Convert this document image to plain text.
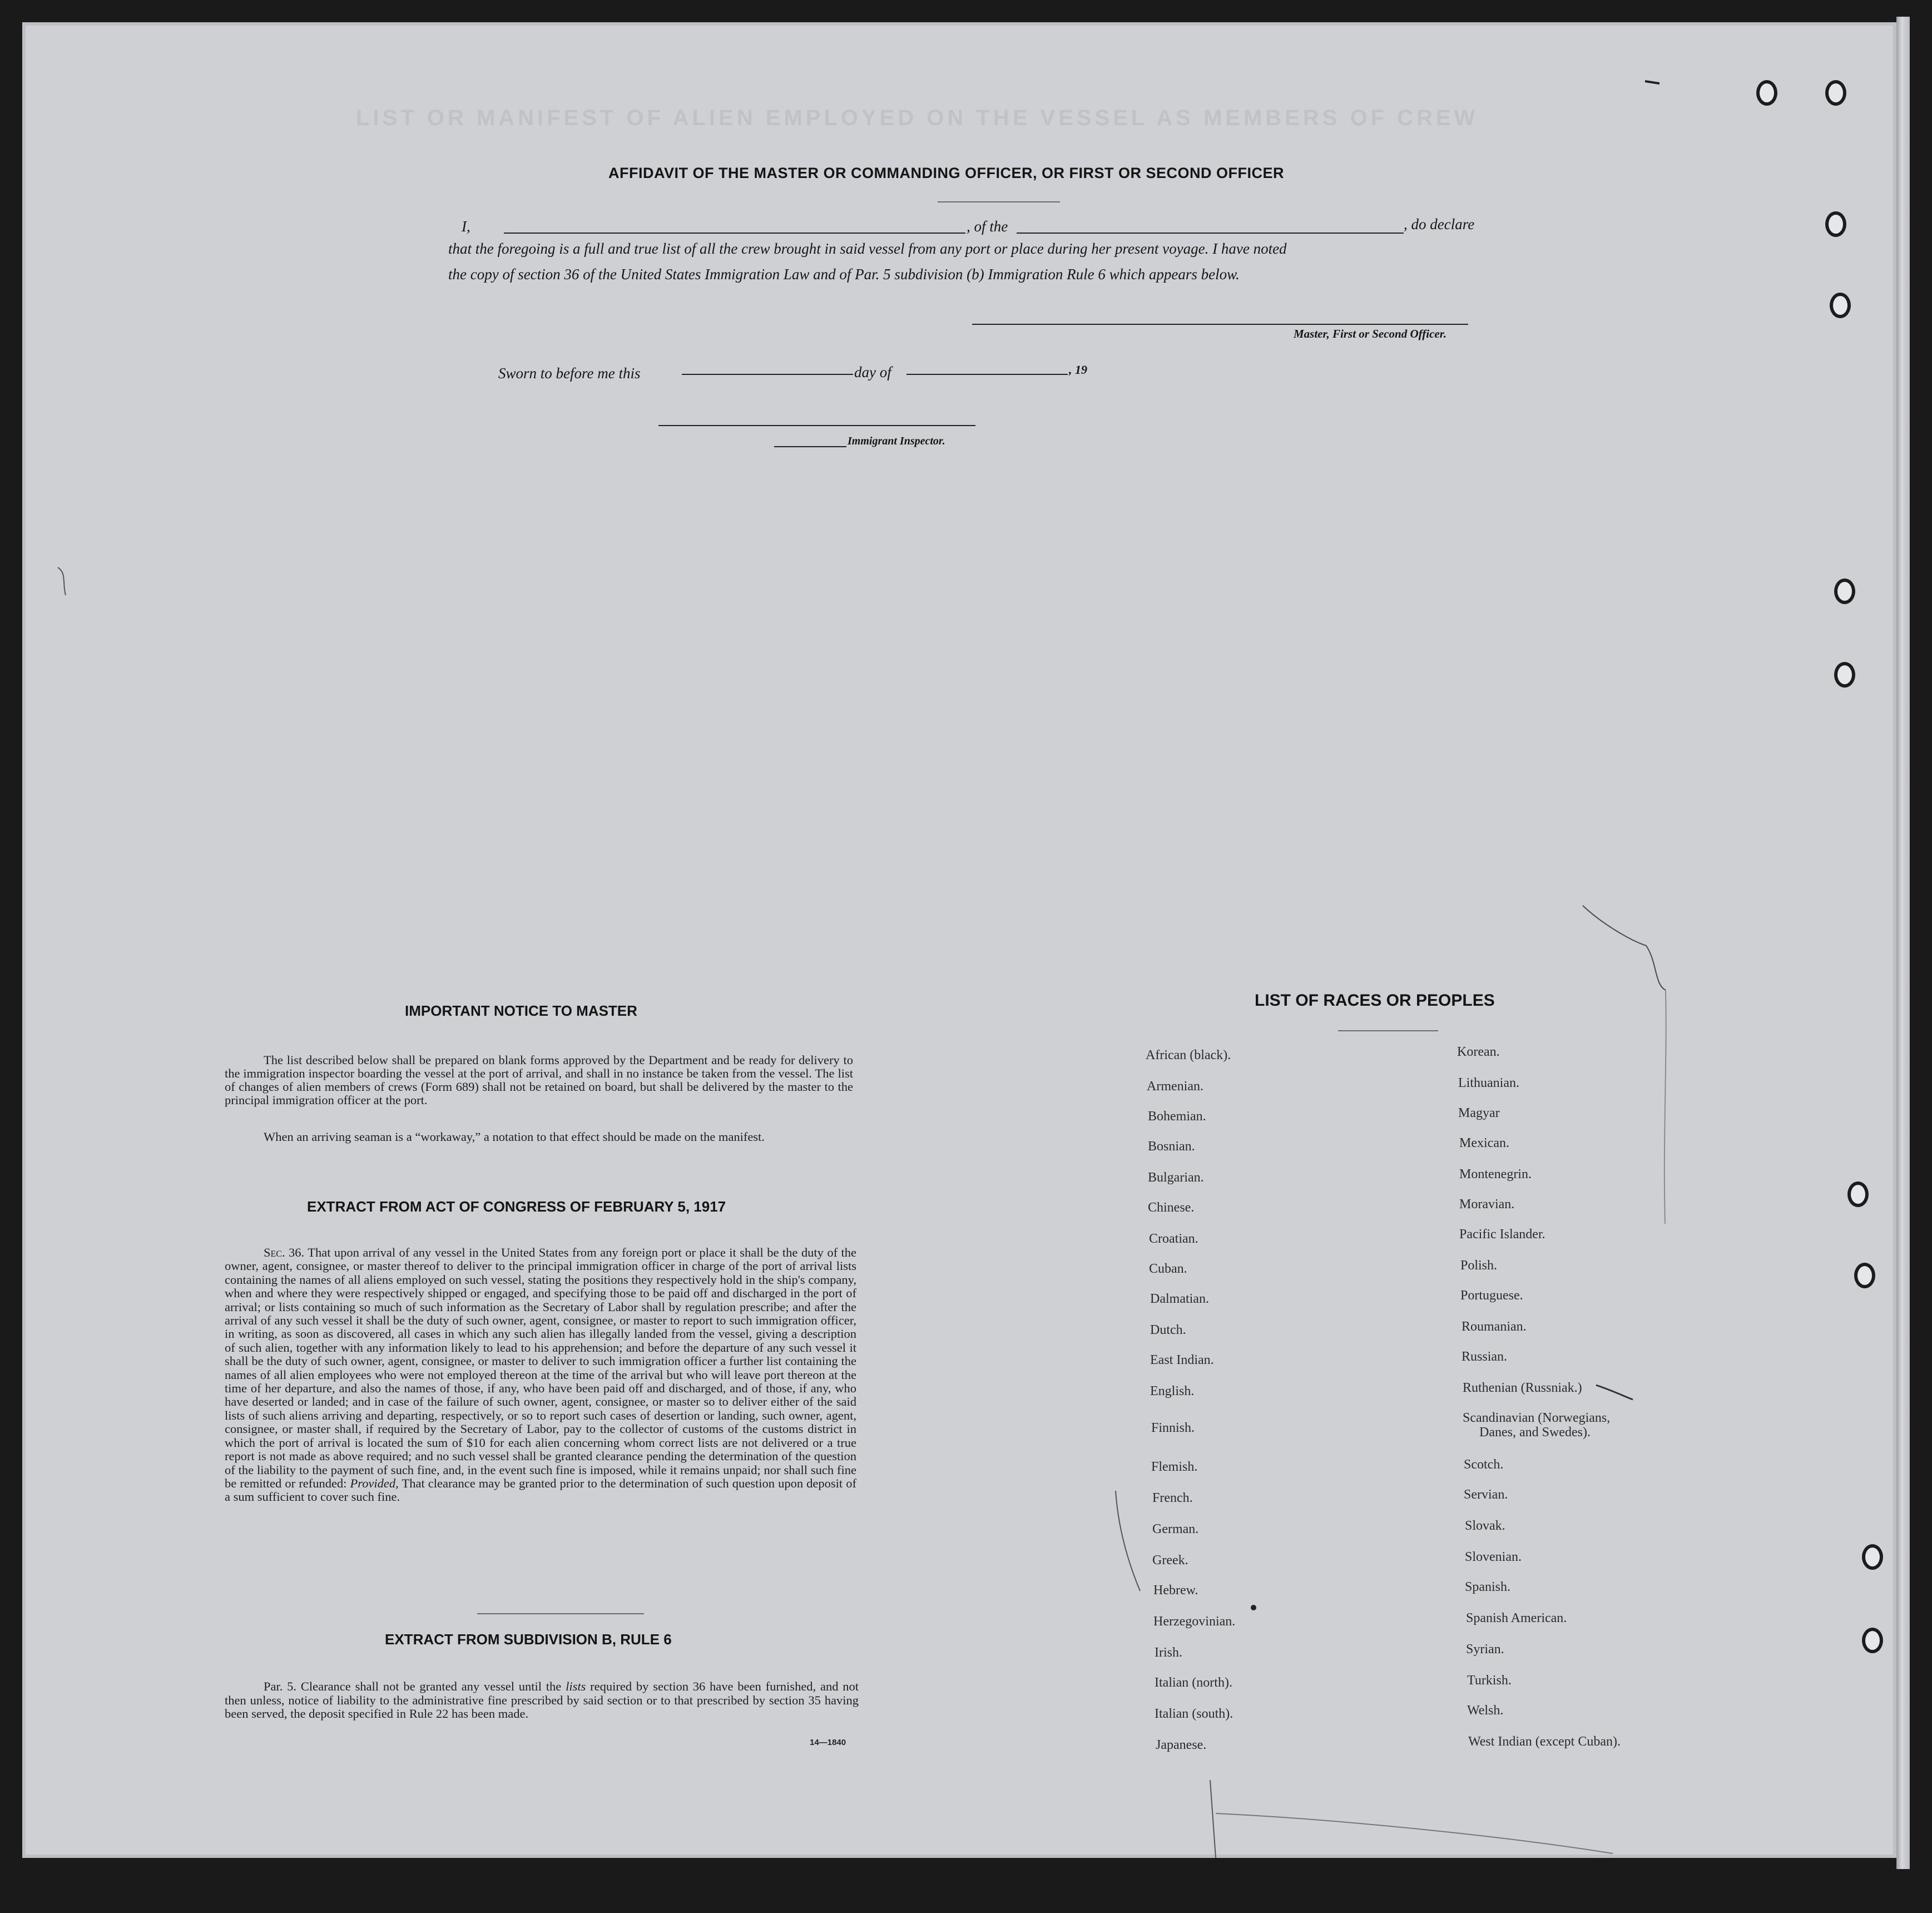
LIST OR MANIFEST OF ALIEN EMPLOYED ON THE VESSEL AS MEMBERS OF CREW
AFFIDAVIT OF THE MASTER OR COMMANDING OFFICER, OR FIRST OR SECOND OFFICER
I,	, of the	, do declare
that the foregoing is a full and true list of all the crew brought in said vessel from any port or place during her present voyage. I have noted
the copy of section 36 of the United States Immigration Law and of Par. 5 subdivision (b) Immigration Rule 6 which appears below.
Master, First or Second Officer.
Sworn to before me this	day of	, 19
Immigrant Inspector.
IMPORTANT NOTICE TO MASTER
The list described below shall be prepared on blank forms approved by the Department and be ready for delivery to the immigration inspector boarding the vessel at the port of arrival, and shall in no instance be taken from the vessel. The list of changes of alien members of crews (Form 689) shall not be retained on board, but shall be delivered by the master to the principal immigration officer at the port.
When an arriving seaman is a “workaway,” a notation to that effect should be made on the manifest.
EXTRACT FROM ACT OF CONGRESS OF FEBRUARY 5, 1917
Sec. 36. That upon arrival of any vessel in the United States from any foreign port or place it shall be the duty of the owner, agent, consignee, or master thereof to deliver to the principal immigration officer in charge of the port of arrival lists containing the names of all aliens employed on such vessel, stating the positions they respectively hold in the ship's company, when and where they were respectively shipped or engaged, and specifying those to be paid off and discharged in the port of arrival; or lists containing so much of such information as the Secretary of Labor shall by regulation prescribe; and after the arrival of any such vessel it shall be the duty of such owner, agent, consignee, or master to report to such immigration officer, in writing, as soon as discovered, all cases in which any such alien has illegally landed from the vessel, giving a description of such alien, together with any information likely to lead to his apprehension; and before the departure of any such vessel it shall be the duty of such owner, agent, consignee, or master to deliver to such immigration officer a further list containing the names of all alien employees who were not employed thereon at the time of the arrival but who will leave port thereon at the time of her departure, and also the names of those, if any, who have been paid off and discharged, and of those, if any, who have deserted or landed; and in case of the failure of such owner, agent, consignee, or master so to deliver either of the said lists of such aliens arriving and departing, respectively, or so to report such cases of desertion or landing, such owner, agent, consignee, or master shall, if required by the Secretary of Labor, pay to the collector of customs of the customs district in which the port of arrival is located the sum of $10 for each alien concerning whom correct lists are not delivered or a true report is not made as above required; and no such vessel shall be granted clearance pending the determination of the question of the liability to the payment of such fine, and, in the event such fine is imposed, while it remains unpaid; nor shall such fine be remitted or refunded: Provided, That clearance may be granted prior to the determination of such question upon deposit of a sum sufficient to cover such fine.
EXTRACT FROM SUBDIVISION B, RULE 6
Par. 5. Clearance shall not be granted any vessel until the lists required by section 36 have been furnished, and not then unless, notice of liability to the administrative fine prescribed by said section or to that prescribed by section 35 having been served, the deposit specified in Rule 22 has been made.
14—1840
LIST OF RACES OR PEOPLES
African (black).
Armenian.
Bohemian.
Bosnian.
Bulgarian.
Chinese.
Croatian.
Cuban.
Dalmatian.
Dutch.
East Indian.
English.
Finnish.
Flemish.
French.
German.
Greek.
Hebrew.
Herzegovinian.
Irish.
Italian (north).
Italian (south).
Japanese.
Korean.
Lithuanian.
Magyar
Mexican.
Montenegrin.
Moravian.
Pacific Islander.
Polish.
Portuguese.
Roumanian.
Russian.
Ruthenian (Russniak.)
Scandinavian (Norwegians,
Danes, and Swedes).
Scotch.
Servian.
Slovak.
Slovenian.
Spanish.
Spanish American.
Syrian.
Turkish.
Welsh.
West Indian (except Cuban).
